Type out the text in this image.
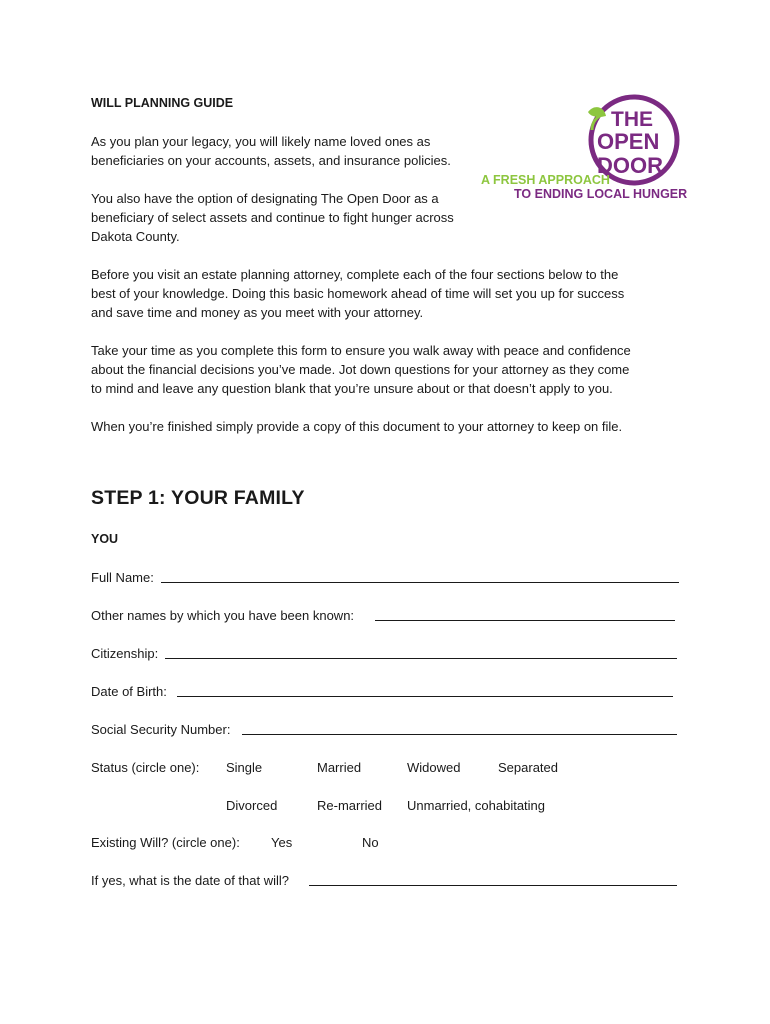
WILL PLANNING GUIDE
As you plan your legacy, you will likely name loved ones as
beneficiaries on your accounts, assets, and insurance policies.
You also have the option of designating The Open Door as a
beneficiary of select assets and continue to fight hunger across
Dakota County.
Before you visit an estate planning attorney, complete each of the four sections below to the
best of your knowledge. Doing this basic homework ahead of time will set you up for success
and save time and money as you meet with your attorney.
Take your time as you complete this form to ensure you walk away with peace and confidence
about the financial decisions you’ve made. Jot down questions for your attorney as they come
to mind and leave any question blank that you’re unsure about or that doesn’t apply to you.
When you’re finished simply provide a copy of this document to your attorney to keep on file.
THE
OPEN
DOOR
A FRESH APPROACH
TO ENDING LOCAL HUNGER
STEP 1: YOUR FAMILY
YOU
Full Name:
Other names by which you have been known:
Citizenship:
Date of Birth:
Social Security Number:
Status (circle one): Single	Married	Widowed	Separated
Divorced	Re-married Unmarried, cohabitating
Existing Will? (circle one): Yes	No
If yes, what is the date of that will?
